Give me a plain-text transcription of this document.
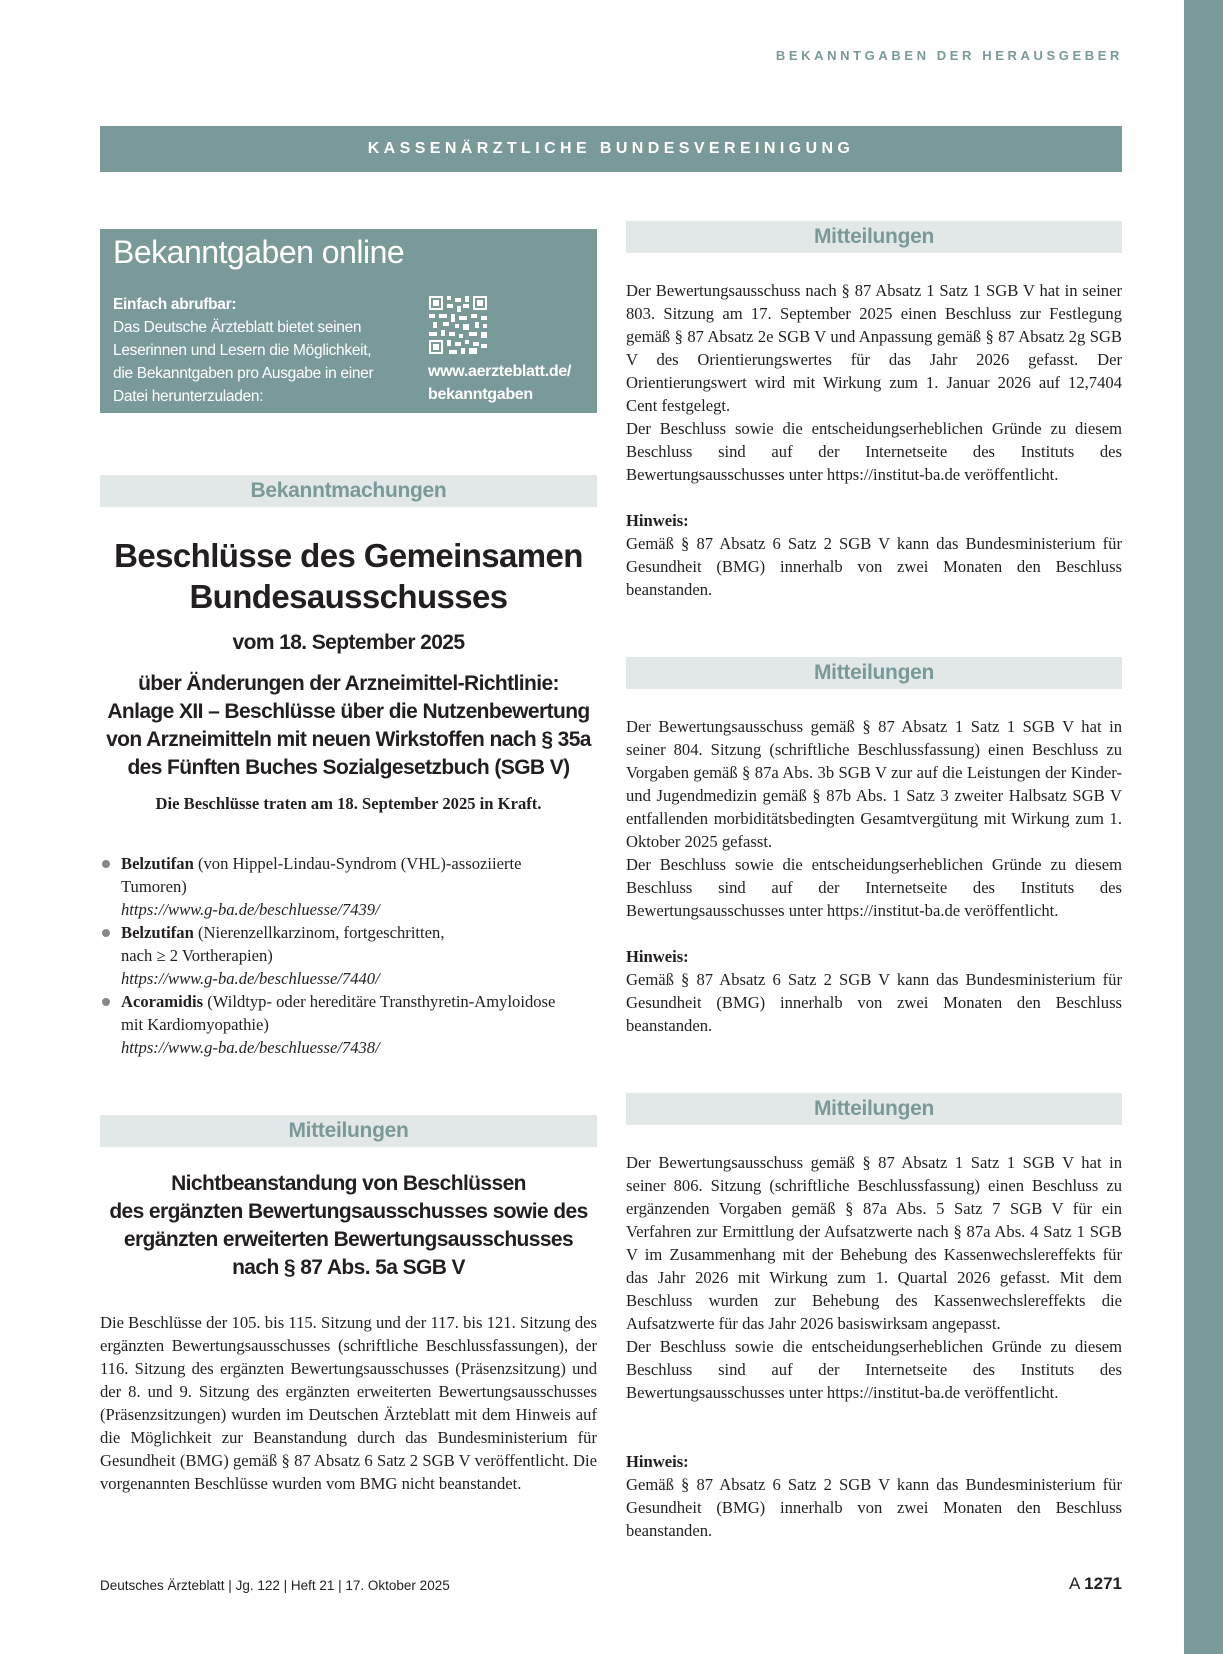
BEKANNTGABEN DER HERAUSGEBER
KASSENÄRZTLICHE BUNDESVEREINIGUNG
Bekanntgaben online
Einfach abrufbar:
Das Deutsche Ärzteblatt bietet seinen
Leserinnen und Lesern die Möglichkeit,
die Bekanntgaben pro Ausgabe in einer
Datei herunterzuladen:
www.aerzteblatt.de/
bekanntgaben
Bekanntmachungen
Beschlüsse des Gemeinsamen
Bundesausschusses
vom 18. September 2025
über Änderungen der Arzneimittel-Richtlinie:
Anlage XII – Beschlüsse über die Nutzenbewertung
von Arzneimitteln mit neuen Wirkstoffen nach § 35a
des Fünften Buches Sozialgesetzbuch (SGB V)
Die Beschlüsse traten am 18. September 2025 in Kraft.
Belzutifan (von Hippel-Lindau-Syndrom (VHL)-assoziierte
Tumoren)
https://www.g-ba.de/beschluesse/7439/
Belzutifan (Nierenzellkarzinom, fortgeschritten,
nach ≥ 2 Vortherapien)
https://www.g-ba.de/beschluesse/7440/
Acoramidis (Wildtyp- oder hereditäre Transthyretin-Amyloidose
mit Kardiomyopathie)
https://www.g-ba.de/beschluesse/7438/
Mitteilungen
Nichtbeanstandung von Beschlüssen
des ergänzten Bewertungsausschusses sowie des
ergänzten erweiterten Bewertungsausschusses
nach § 87 Abs. 5a SGB V
Die Beschlüsse der 105. bis 115. Sitzung und der 117. bis 121. Sitzung des ergänzten Bewertungsausschusses (schriftliche Beschlussfassungen), der 116. Sitzung des ergänzten Bewertungsausschusses (Präsenzsitzung) und der 8. und 9. Sitzung des ergänzten erweiterten Bewertungsausschusses (Präsenzsitzungen) wurden im Deutschen Ärzteblatt mit dem Hinweis auf die Möglichkeit zur Beanstandung durch das Bundesministerium für Gesundheit (BMG) gemäß § 87 Absatz 6 Satz 2 SGB V veröffentlicht. Die vorgenannten Beschlüsse wurden vom BMG nicht beanstandet.
Mitteilungen

Der Bewertungsausschuss nach § 87 Absatz 1 Satz 1 SGB V hat in seiner 803. Sitzung am 17. September 2025 einen Beschluss zur Festlegung gemäß § 87 Absatz 2e SGB V und Anpassung gemäß § 87 Absatz 2g SGB V des Orientierungswertes für das Jahr 2026 gefasst. Der Orientierungswert wird mit Wirkung zum 1. Januar 2026 auf 12,7404 Cent festgelegt.

Der Beschluss sowie die entscheidungserheblichen Gründe zu diesem Beschluss sind auf der Internetseite des Instituts des Bewertungsausschusses unter https://institut-ba.de veröffentlicht.

Hinweis:
Gemäß § 87 Absatz 6 Satz 2 SGB V kann das Bundesministerium für Gesundheit (BMG) innerhalb von zwei Monaten den Beschluss beanstanden.
Mitteilungen

Der Bewertungsausschuss gemäß § 87 Absatz 1 Satz 1 SGB V hat in seiner 804. Sitzung (schriftliche Beschlussfassung) einen Beschluss zu Vorgaben gemäß § 87a Abs. 3b SGB V zur auf die Leistungen der Kinder- und Jugendmedizin gemäß § 87b Abs. 1 Satz 3 zweiter Halbsatz SGB V entfallenden morbiditätsbedingten Gesamtvergütung mit Wirkung zum 1. Oktober 2025 gefasst.

Der Beschluss sowie die entscheidungserheblichen Gründe zu diesem Beschluss sind auf der Internetseite des Instituts des Bewertungsausschusses unter https://institut-ba.de veröffentlicht.

Hinweis:
Gemäß § 87 Absatz 6 Satz 2 SGB V kann das Bundesministerium für Gesundheit (BMG) innerhalb von zwei Monaten den Beschluss beanstanden.
Mitteilungen

Der Bewertungsausschuss gemäß § 87 Absatz 1 Satz 1 SGB V hat in seiner 806. Sitzung (schriftliche Beschlussfassung) einen Beschluss zu ergänzenden Vorgaben gemäß § 87a Abs. 5 Satz 7 SGB V für ein Verfahren zur Ermittlung der Aufsatzwerte nach § 87a Abs. 4 Satz 1 SGB V im Zusammenhang mit der Behebung des Kassenwechslereffekts für das Jahr 2026 mit Wirkung zum 1. Quartal 2026 gefasst. Mit dem Beschluss wurden zur Behebung des Kassenwechslereffekts die Aufsatzwerte für das Jahr 2026 basiswirksam angepasst.

Der Beschluss sowie die entscheidungserheblichen Gründe zu diesem Beschluss sind auf der Internetseite des Instituts des Bewertungsausschusses unter https://institut-ba.de veröffentlicht.

Hinweis:
Gemäß § 87 Absatz 6 Satz 2 SGB V kann das Bundesministerium für Gesundheit (BMG) innerhalb von zwei Monaten den Beschluss beanstanden.
Deutsches Ärzteblatt | Jg. 122 | Heft 21 | 17. Oktober 2025	A 1271
